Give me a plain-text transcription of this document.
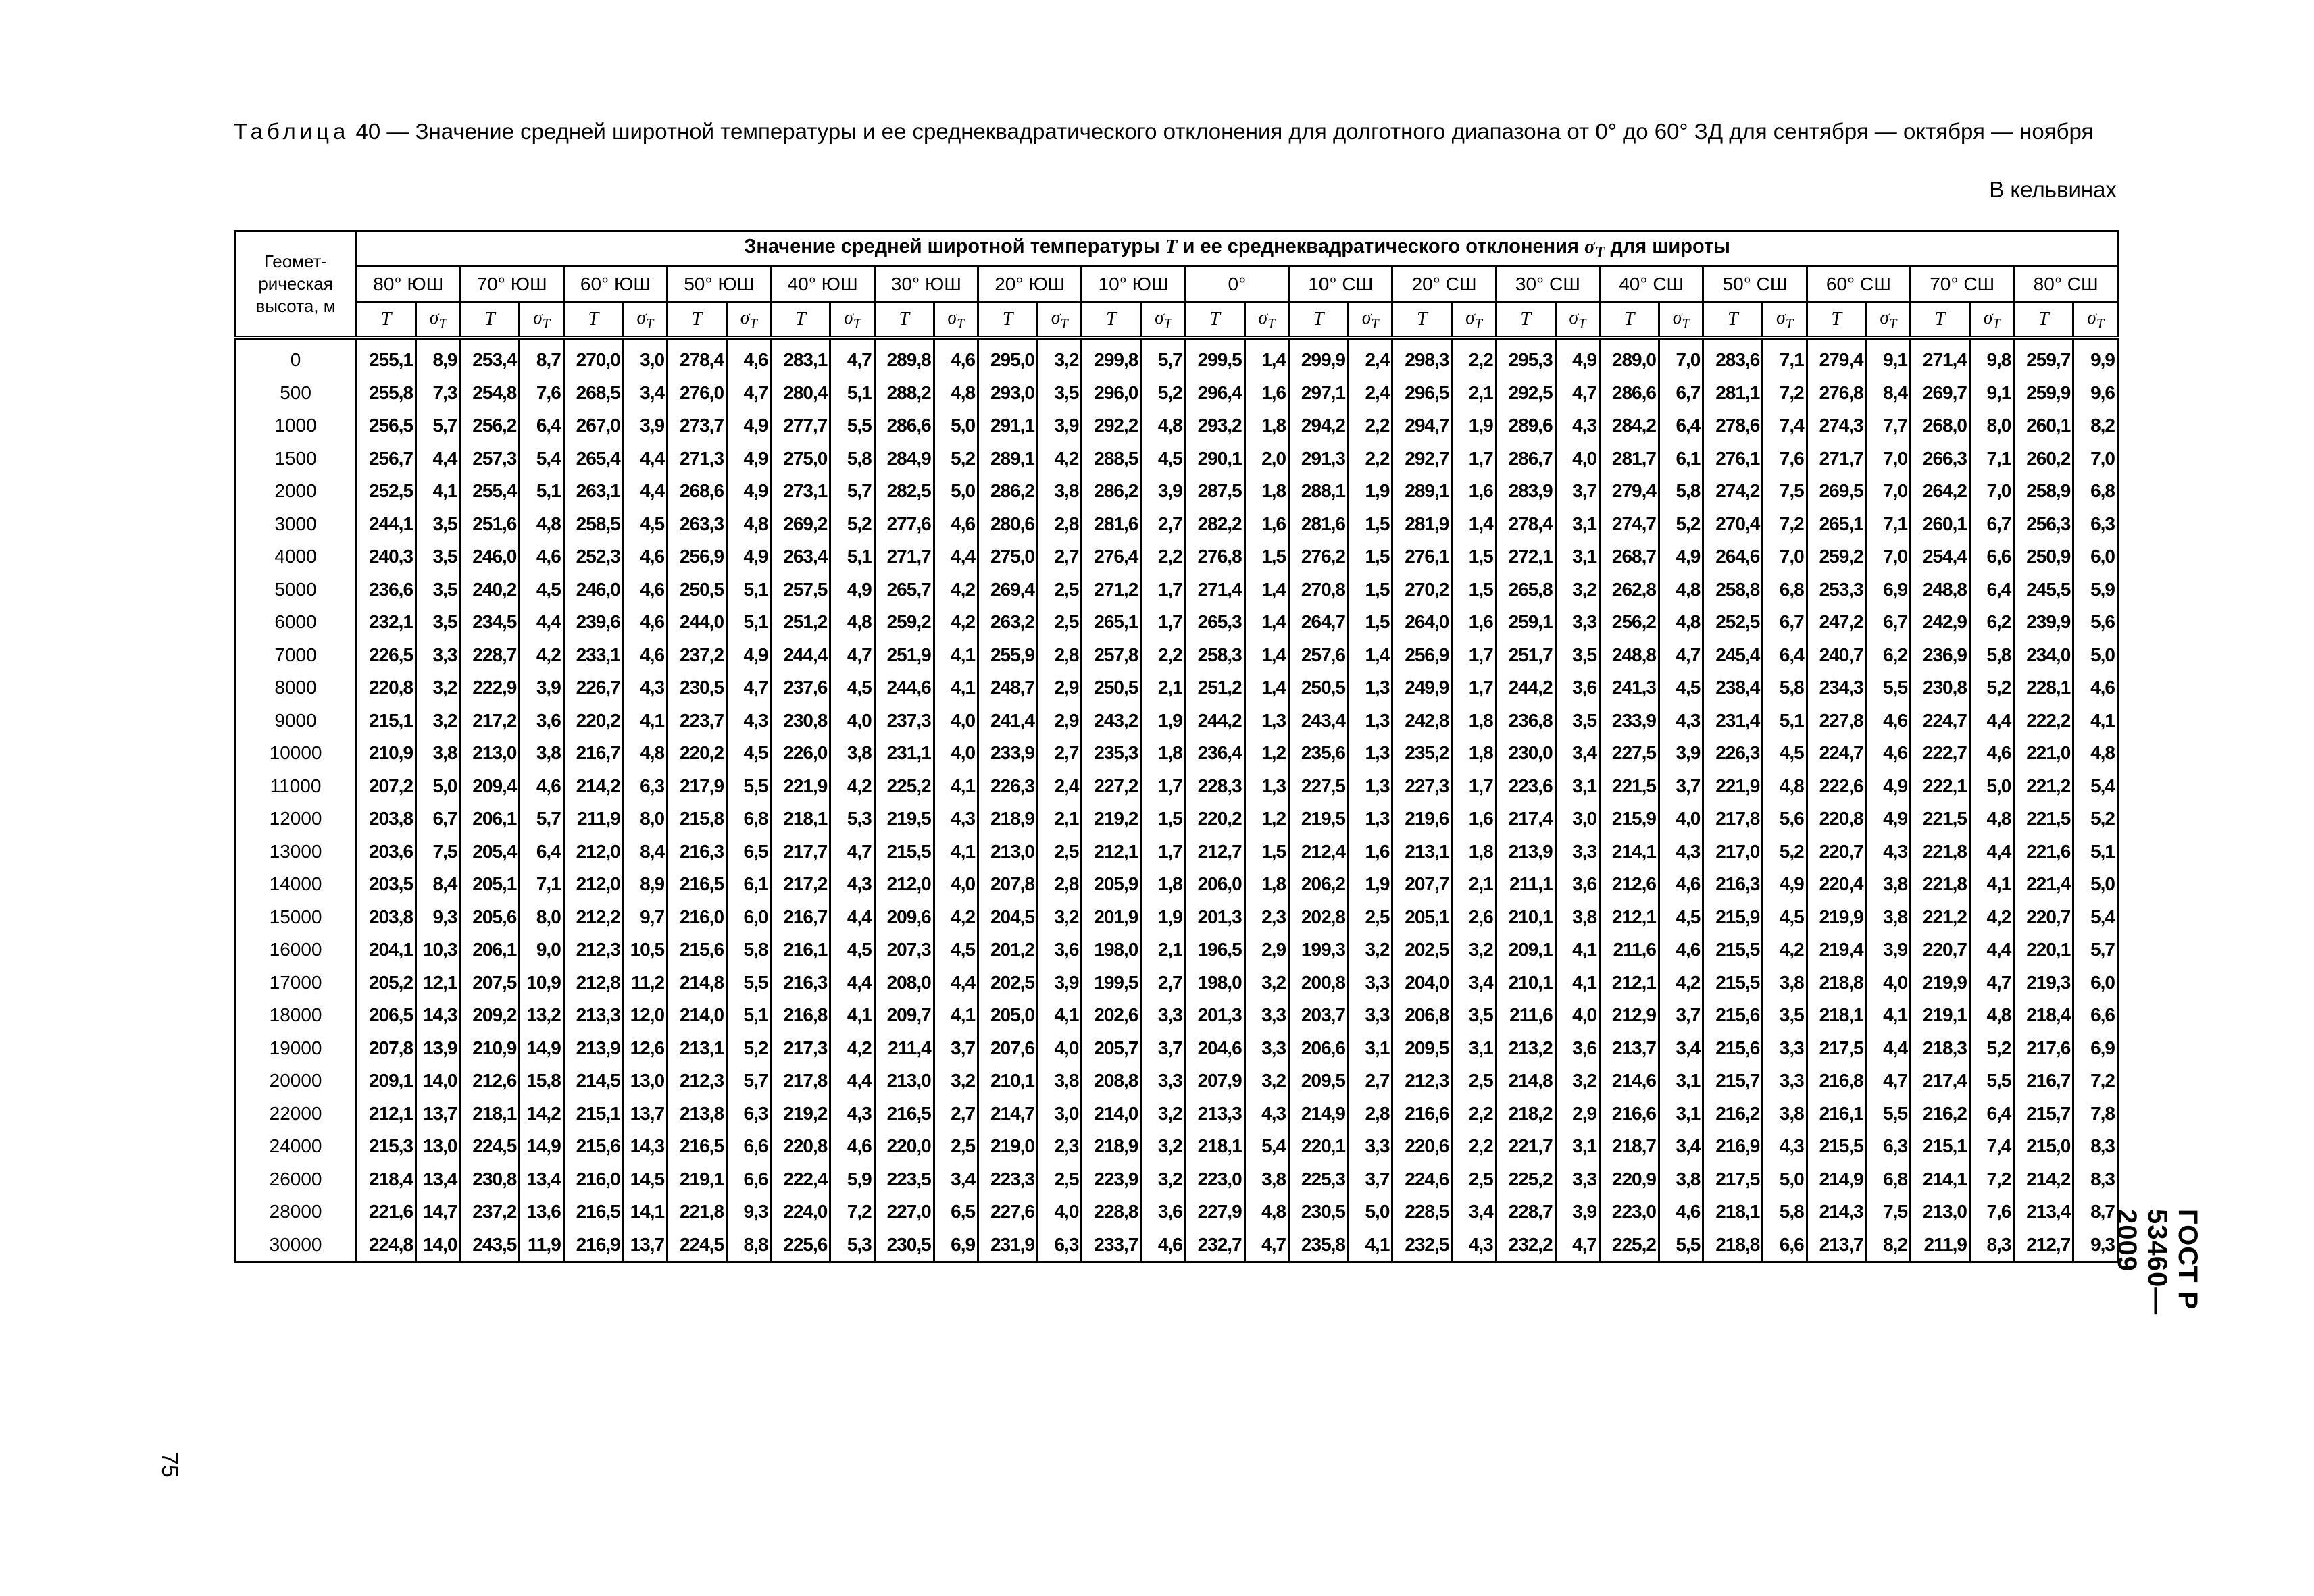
Таблица 40 — Значение средней широтной температуры и ее среднеквадратического отклонения для долготного диапазона от 0° до 60° ЗД для сентября — октября — ноября
В кельвинах
Геомет-рическая высота, м	Значение средней широтной температуры T и ее среднеквадратического отклонения $\sigma_T$ для широты																																	
	80° ЮШ		70° ЮШ		60° ЮШ		50° ЮШ		40° ЮШ		30° ЮШ		20° ЮШ		10° ЮШ		0°		10° СШ		20° СШ		30° СШ		40° СШ		50° СШ		60° СШ		70° СШ		80° СШ	
	T	$\sigma_T$	T	$\sigma_T$	T	$\sigma_T$	T	$\sigma_T$	T	$\sigma_T$	T	$\sigma_T$	T	$\sigma_T$	T	$\sigma_T$	T	$\sigma_T$	T	$\sigma_T$	T	$\sigma_T$	T	$\sigma_T$	T	$\sigma_T$	T	$\sigma_T$	T	$\sigma_T$	T	$\sigma_T$	T	$\sigma_T$
0	255,1	8,9	253,4	8,7	270,0	3,0	278,4	4,6	283,1	4,7	289,8	4,6	295,0	3,2	299,8	5,7	299,5	1,4	299,9	2,4	298,3	2,2	295,3	4,9	289,0	7,0	283,6	7,1	279,4	9,1	271,4	9,8	259,7	9,9
500	255,8	7,3	254,8	7,6	268,5	3,4	276,0	4,7	280,4	5,1	288,2	4,8	293,0	3,5	296,0	5,2	296,4	1,6	297,1	2,4	296,5	2,1	292,5	4,7	286,6	6,7	281,1	7,2	276,8	8,4	269,7	9,1	259,9	9,6
1000	256,5	5,7	256,2	6,4	267,0	3,9	273,7	4,9	277,7	5,5	286,6	5,0	291,1	3,9	292,2	4,8	293,2	1,8	294,2	2,2	294,7	1,9	289,6	4,3	284,2	6,4	278,6	7,4	274,3	7,7	268,0	8,0	260,1	8,2
1500	256,7	4,4	257,3	5,4	265,4	4,4	271,3	4,9	275,0	5,8	284,9	5,2	289,1	4,2	288,5	4,5	290,1	2,0	291,3	2,2	292,7	1,7	286,7	4,0	281,7	6,1	276,1	7,6	271,7	7,0	266,3	7,1	260,2	7,0
2000	252,5	4,1	255,4	5,1	263,1	4,4	268,6	4,9	273,1	5,7	282,5	5,0	286,2	3,8	286,2	3,9	287,5	1,8	288,1	1,9	289,1	1,6	283,9	3,7	279,4	5,8	274,2	7,5	269,5	7,0	264,2	7,0	258,9	6,8
3000	244,1	3,5	251,6	4,8	258,5	4,5	263,3	4,8	269,2	5,2	277,6	4,6	280,6	2,8	281,6	2,7	282,2	1,6	281,6	1,5	281,9	1,4	278,4	3,1	274,7	5,2	270,4	7,2	265,1	7,1	260,1	6,7	256,3	6,3
4000	240,3	3,5	246,0	4,6	252,3	4,6	256,9	4,9	263,4	5,1	271,7	4,4	275,0	2,7	276,4	2,2	276,8	1,5	276,2	1,5	276,1	1,5	272,1	3,1	268,7	4,9	264,6	7,0	259,2	7,0	254,4	6,6	250,9	6,0
5000	236,6	3,5	240,2	4,5	246,0	4,6	250,5	5,1	257,5	4,9	265,7	4,2	269,4	2,5	271,2	1,7	271,4	1,4	270,8	1,5	270,2	1,5	265,8	3,2	262,8	4,8	258,8	6,8	253,3	6,9	248,8	6,4	245,5	5,9
6000	232,1	3,5	234,5	4,4	239,6	4,6	244,0	5,1	251,2	4,8	259,2	4,2	263,2	2,5	265,1	1,7	265,3	1,4	264,7	1,5	264,0	1,6	259,1	3,3	256,2	4,8	252,5	6,7	247,2	6,7	242,9	6,2	239,9	5,6
7000	226,5	3,3	228,7	4,2	233,1	4,6	237,2	4,9	244,4	4,7	251,9	4,1	255,9	2,8	257,8	2,2	258,3	1,4	257,6	1,4	256,9	1,7	251,7	3,5	248,8	4,7	245,4	6,4	240,7	6,2	236,9	5,8	234,0	5,0
8000	220,8	3,2	222,9	3,9	226,7	4,3	230,5	4,7	237,6	4,5	244,6	4,1	248,7	2,9	250,5	2,1	251,2	1,4	250,5	1,3	249,9	1,7	244,2	3,6	241,3	4,5	238,4	5,8	234,3	5,5	230,8	5,2	228,1	4,6
9000	215,1	3,2	217,2	3,6	220,2	4,1	223,7	4,3	230,8	4,0	237,3	4,0	241,4	2,9	243,2	1,9	244,2	1,3	243,4	1,3	242,8	1,8	236,8	3,5	233,9	4,3	231,4	5,1	227,8	4,6	224,7	4,4	222,2	4,1
10000	210,9	3,8	213,0	3,8	216,7	4,8	220,2	4,5	226,0	3,8	231,1	4,0	233,9	2,7	235,3	1,8	236,4	1,2	235,6	1,3	235,2	1,8	230,0	3,4	227,5	3,9	226,3	4,5	224,7	4,6	222,7	4,6	221,0	4,8
11000	207,2	5,0	209,4	4,6	214,2	6,3	217,9	5,5	221,9	4,2	225,2	4,1	226,3	2,4	227,2	1,7	228,3	1,3	227,5	1,3	227,3	1,7	223,6	3,1	221,5	3,7	221,9	4,8	222,6	4,9	222,1	5,0	221,2	5,4
12000	203,8	6,7	206,1	5,7	211,9	8,0	215,8	6,8	218,1	5,3	219,5	4,3	218,9	2,1	219,2	1,5	220,2	1,2	219,5	1,3	219,6	1,6	217,4	3,0	215,9	4,0	217,8	5,6	220,8	4,9	221,5	4,8	221,5	5,2
13000	203,6	7,5	205,4	6,4	212,0	8,4	216,3	6,5	217,7	4,7	215,5	4,1	213,0	2,5	212,1	1,7	212,7	1,5	212,4	1,6	213,1	1,8	213,9	3,3	214,1	4,3	217,0	5,2	220,7	4,3	221,8	4,4	221,6	5,1
14000	203,5	8,4	205,1	7,1	212,0	8,9	216,5	6,1	217,2	4,3	212,0	4,0	207,8	2,8	205,9	1,8	206,0	1,8	206,2	1,9	207,7	2,1	211,1	3,6	212,6	4,6	216,3	4,9	220,4	3,8	221,8	4,1	221,4	5,0
15000	203,8	9,3	205,6	8,0	212,2	9,7	216,0	6,0	216,7	4,4	209,6	4,2	204,5	3,2	201,9	1,9	201,3	2,3	202,8	2,5	205,1	2,6	210,1	3,8	212,1	4,5	215,9	4,5	219,9	3,8	221,2	4,2	220,7	5,4
16000	204,1	10,3	206,1	9,0	212,3	10,5	215,6	5,8	216,1	4,5	207,3	4,5	201,2	3,6	198,0	2,1	196,5	2,9	199,3	3,2	202,5	3,2	209,1	4,1	211,6	4,6	215,5	4,2	219,4	3,9	220,7	4,4	220,1	5,7
17000	205,2	12,1	207,5	10,9	212,8	11,2	214,8	5,5	216,3	4,4	208,0	4,4	202,5	3,9	199,5	2,7	198,0	3,2	200,8	3,3	204,0	3,4	210,1	4,1	212,1	4,2	215,5	3,8	218,8	4,0	219,9	4,7	219,3	6,0
18000	206,5	14,3	209,2	13,2	213,3	12,0	214,0	5,1	216,8	4,1	209,7	4,1	205,0	4,1	202,6	3,3	201,3	3,3	203,7	3,3	206,8	3,5	211,6	4,0	212,9	3,7	215,6	3,5	218,1	4,1	219,1	4,8	218,4	6,6
19000	207,8	13,9	210,9	14,9	213,9	12,6	213,1	5,2	217,3	4,2	211,4	3,7	207,6	4,0	205,7	3,7	204,6	3,3	206,6	3,1	209,5	3,1	213,2	3,6	213,7	3,4	215,6	3,3	217,5	4,4	218,3	5,2	217,6	6,9
20000	209,1	14,0	212,6	15,8	214,5	13,0	212,3	5,7	217,8	4,4	213,0	3,2	210,1	3,8	208,8	3,3	207,9	3,2	209,5	2,7	212,3	2,5	214,8	3,2	214,6	3,1	215,7	3,3	216,8	4,7	217,4	5,5	216,7	7,2
22000	212,1	13,7	218,1	14,2	215,1	13,7	213,8	6,3	219,2	4,3	216,5	2,7	214,7	3,0	214,0	3,2	213,3	4,3	214,9	2,8	216,6	2,2	218,2	2,9	216,6	3,1	216,2	3,8	216,1	5,5	216,2	6,4	215,7	7,8
24000	215,3	13,0	224,5	14,9	215,6	14,3	216,5	6,6	220,8	4,6	220,0	2,5	219,0	2,3	218,9	3,2	218,1	5,4	220,1	3,3	220,6	2,2	221,7	3,1	218,7	3,4	216,9	4,3	215,5	6,3	215,1	7,4	215,0	8,3
26000	218,4	13,4	230,8	13,4	216,0	14,5	219,1	6,6	222,4	5,9	223,5	3,4	223,3	2,5	223,9	3,2	223,0	3,8	225,3	3,7	224,6	2,5	225,2	3,3	220,9	3,8	217,5	5,0	214,9	6,8	214,1	7,2	214,2	8,3
28000	221,6	14,7	237,2	13,6	216,5	14,1	221,8	9,3	224,0	7,2	227,0	6,5	227,6	4,0	228,8	3,6	227,9	4,8	230,5	5,0	228,5	3,4	228,7	3,9	223,0	4,6	218,1	5,8	214,3	7,5	213,0	7,6	213,4	8,7
30000	224,8	14,0	243,5	11,9	216,9	13,7	224,5	8,8	225,6	5,3	230,5	6,9	231,9	6,3	233,7	4,6	232,7	4,7	235,8	4,1	232,5	4,3	232,2	4,7	225,2	5,5	218,8	6,6	213,7	8,2	211,9	8,3	212,7	9,3
75
ГОСТ Р 53460—2009
